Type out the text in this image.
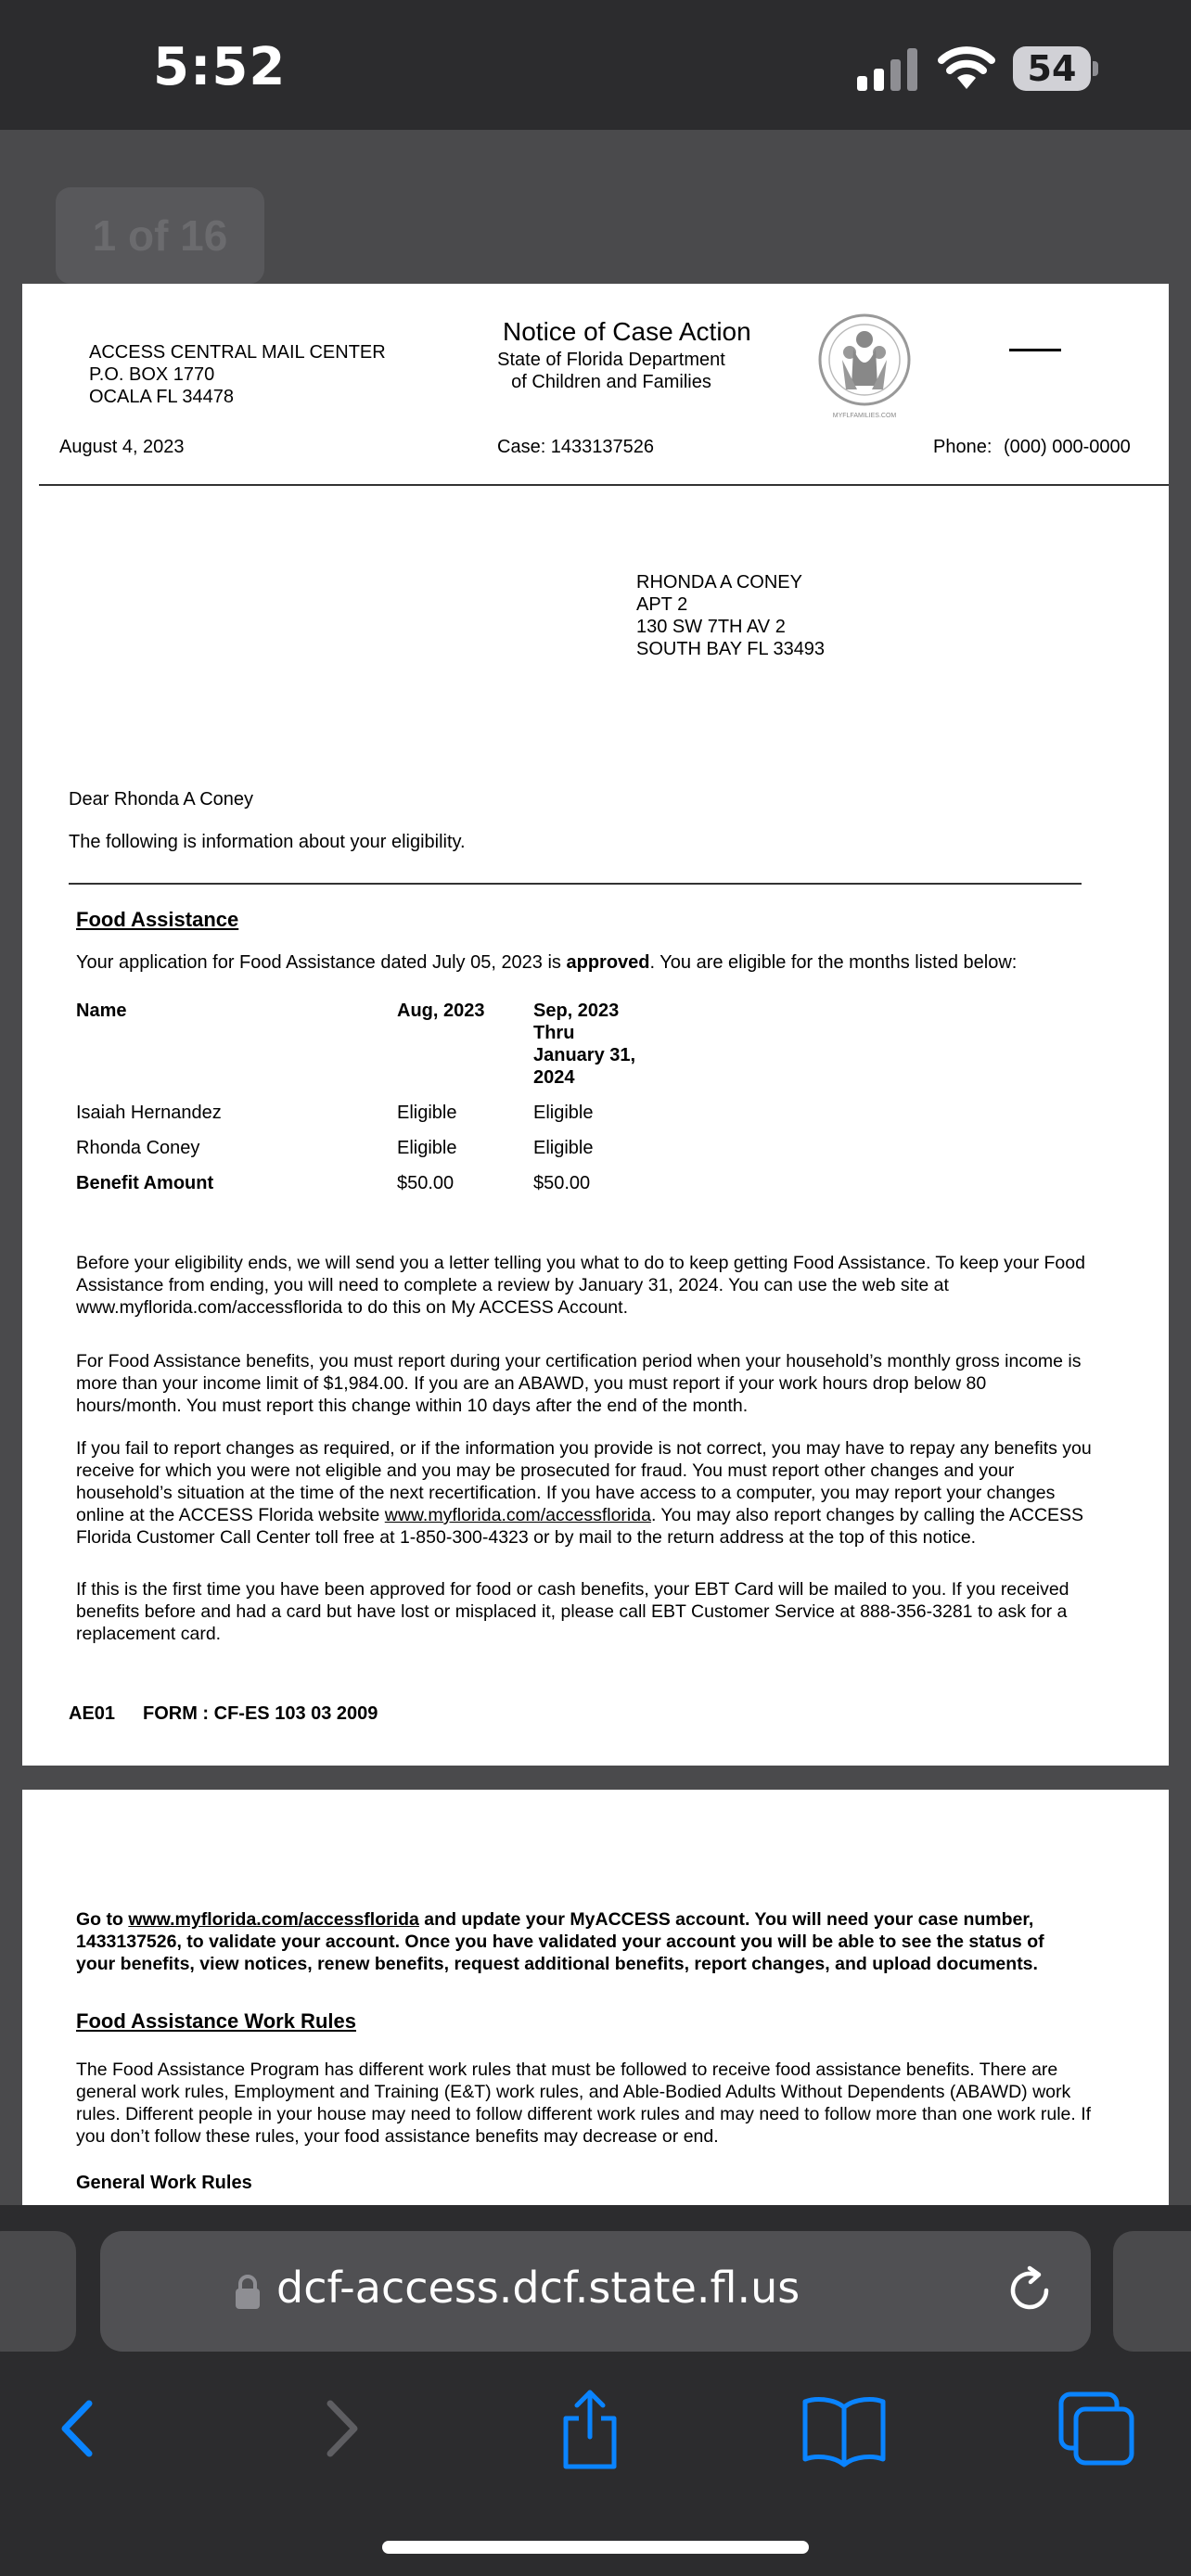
5:52	54
1 of 16
ACCESS CENTRAL MAIL CENTER
P.O. BOX 1770
OCALA FL 34478
Notice of Case Action
State of Florida Department
of Children and Families
MYFLFAMILIES.COM
August 4, 2023	Case: 1433137526	Phone: (000) 000-0000
RHONDA A CONEY
APT 2
130 SW 7TH AV 2
SOUTH BAY FL 33493
Dear Rhonda A Coney
The following is information about your eligibility.
Food Assistance
Your application for Food Assistance dated July 05, 2023 is approved. You are eligible for the months listed below:
Name	Aug, 2023	Sep, 2023
Thru
January 31,
2024
Isaiah Hernandez	Eligible	Eligible
Rhonda Coney	Eligible	Eligible
Benefit Amount	$50.00	$50.00
Before your eligibility ends, we will send you a letter telling you what to do to keep getting Food Assistance. To keep your Food Assistance from ending, you will need to complete a review by January 31, 2024. You can use the web site at www.myflorida.com/accessflorida to do this on My ACCESS Account.
For Food Assistance benefits, you must report during your certification period when your household’s monthly gross income is more than your income limit of $1,984.00. If you are an ABAWD, you must report if your work hours drop below 80 hours/month. You must report this change within 10 days after the end of the month.
If you fail to report changes as required, or if the information you provide is not correct, you may have to repay any benefits you receive for which you were not eligible and you may be prosecuted for fraud. You must report other changes and your household’s situation at the time of the next recertification. If you have access to a computer, you may report your changes online at the ACCESS Florida website www.myflorida.com/accessflorida. You may also report changes by calling the ACCESS Florida Customer Call Center toll free at 1-850-300-4323 or by mail to the return address at the top of this notice.
If this is the first time you have been approved for food or cash benefits, your EBT Card will be mailed to you. If you received benefits before and had a card but have lost or misplaced it, please call EBT Customer Service at 888-356-3281 to ask for a replacement card.
AE01 FORM : CF-ES 103 03 2009
Go to www.myflorida.com/accessflorida and update your MyACCESS account. You will need your case number, 1433137526, to validate your account. Once you have validated your account you will be able to see the status of your benefits, view notices, renew benefits, request additional benefits, report changes, and upload documents.
Food Assistance Work Rules
The Food Assistance Program has different work rules that must be followed to receive food assistance benefits. There are general work rules, Employment and Training (E&T) work rules, and Able-Bodied Adults Without Dependents (ABAWD) work rules. Different people in your house may need to follow different work rules and may need to follow more than one work rule. If you don’t follow these rules, your food assistance benefits may decrease or end.
General Work Rules
dcf-access.dcf.state.fl.us
